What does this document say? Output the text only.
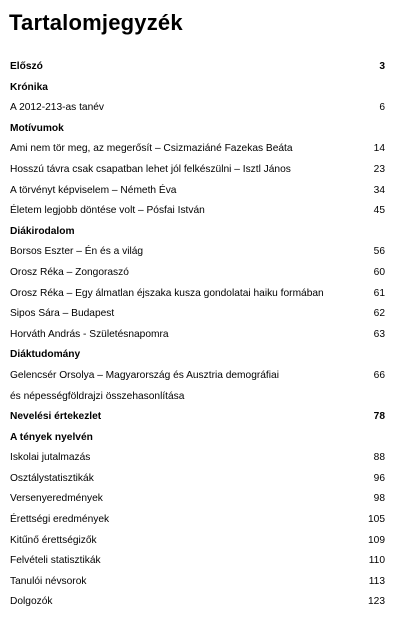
Tartalomjegyzék
Előszó	3
Krónika
A 2012-213-as tanév	6
Motívumok
Ami nem tör meg, az megerősít – Csizmaziáné Fazekas Beáta	14
Hosszú távra csak csapatban lehet jól felkészülni – Isztl János	23
A törvényt képviselem – Németh Éva	34
Életem legjobb döntése volt – Pósfai István	45
Diákirodalom
Borsos Eszter – Én és a világ	56
Orosz Réka – Zongoraszó	60
Orosz Réka – Egy álmatlan éjszaka kusza gondolatai haiku formában	61
Sipos Sára – Budapest	62
Horváth András - Születésnapomra	63
Diáktudomány
Gelencsér Orsolya – Magyarország és Ausztria demográfiai	66
és népességföldrajzi összehasonlítása
Nevelési értekezlet	78
A tények nyelvén
Iskolai jutalmazás	88
Osztálystatisztikák	96
Versenyeredmények	98
Érettségi eredmények	105
Kitűnő érettségizők	109
Felvételi statisztikák	110
Tanulói névsorok	113
Dolgozók	123
